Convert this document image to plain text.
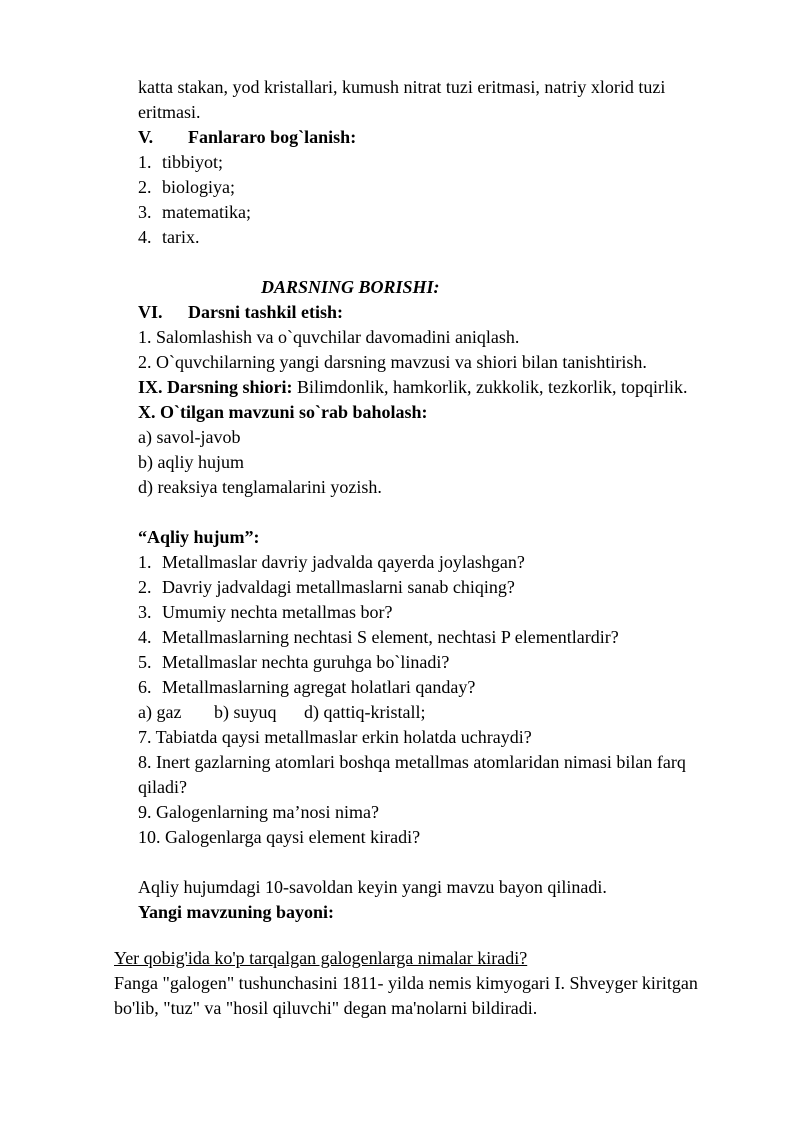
katta stakan, yod kristallari, kumush nitrat tuzi eritmasi, natriy xlorid tuzi
eritmasi.
V. Fanlararo bog`lanish:
1. tibbiyot;
2. biologiya;
3. matematika;
4. tarix.
DARSNING BORISHI:
VI. Darsni tashkil etish:
1. Salomlashish va o`quvchilar davomadini aniqlash.
2. O`quvchilarning yangi darsning mavzusi va shiori bilan tanishtirish.
IX. Darsning shiori: Bilimdonlik, hamkorlik, zukkolik, tezkorlik, topqirlik.
X. O`tilgan mavzuni so`rab baholash:
a) savol-javob
b) aqliy hujum
d) reaksiya tenglamalarini yozish.
“Aqliy hujum”:
1. Metallmaslar davriy jadvalda qayerda joylashgan?
2. Davriy jadvaldagi metallmaslarni sanab chiqing?
3. Umumiy nechta metallmas bor?
4. Metallmaslarning nechtasi S element, nechtasi P elementlardir?
5. Metallmaslar nechta guruhga bo`linadi?
6. Metallmaslarning agregat holatlari qanday?
a) gaz b) suyuq d) qattiq-kristall;
7. Tabiatda qaysi metallmaslar erkin holatda uchraydi?
8. Inert gazlarning atomlari boshqa metallmas atomlaridan nimasi bilan farq
qiladi?
9. Galogenlarning ma’nosi nima?
10. Galogenlarga qaysi element kiradi?
Aqliy hujumdagi 10-savoldan keyin yangi mavzu bayon qilinadi.
Yangi mavzuning bayoni:
Yer qobig'ida ko'p tarqalgan galogenlarga nimalar kiradi?
Fanga "galogen" tushunchasini 1811- yilda nemis kimyogari I. Shveyger kiritgan
bo'lib, "tuz" va "hosil qiluvchi" degan ma'nolarni bildiradi.
